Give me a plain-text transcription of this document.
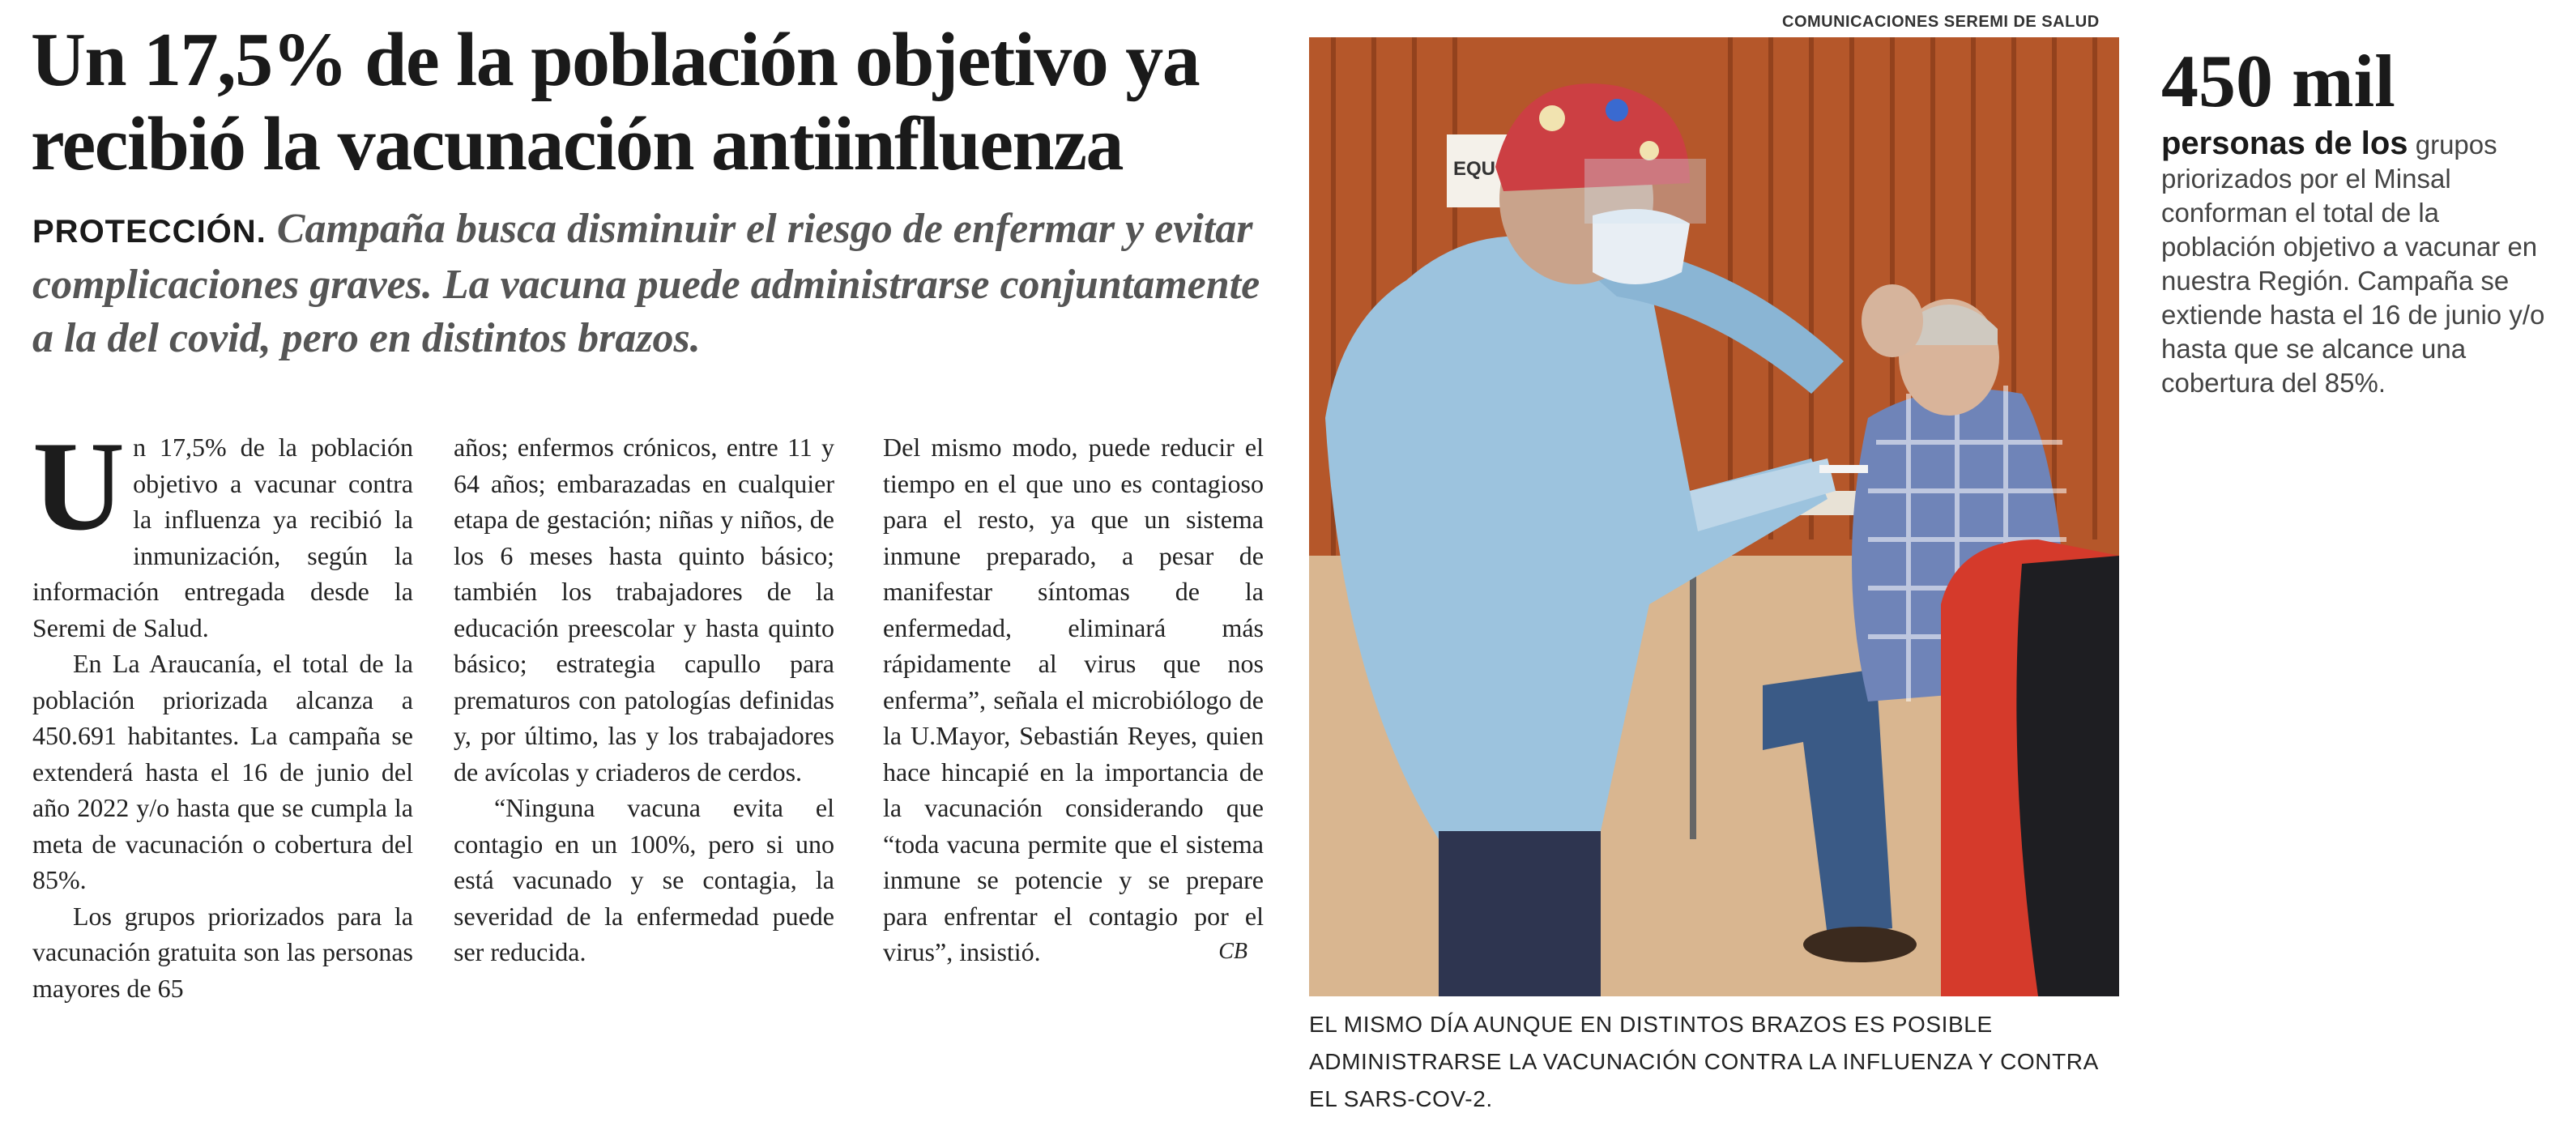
Un 17,5% de la población objetivo ya recibió la vacunación antiinfluenza

PROTECCIÓN. Campaña busca disminuir el riesgo de enfermar y evitar complicaciones graves. La vacuna puede administrarse conjuntamente a la del covid, pero en distintos brazos.

Un 17,5% de la población objetivo a vacunar contra la influenza ya recibió la inmunización, según la información entregada desde la Seremi de Salud.

En La Araucanía, el total de la población priorizada alcanza a 450.691 habitantes. La campaña se extenderá hasta el 16 de junio del año 2022 y/o hasta que se cumpla la meta de vacunación o cobertura del 85%.

Los grupos priorizados para la vacunación gratuita son las personas mayores de 65

años; enfermos crónicos, entre 11 y 64 años; embarazadas en cualquier etapa de gestación; niñas y niños, de los 6 meses hasta quinto básico; también los trabajadores de la educación preescolar y hasta quinto básico; estrategia capullo para prematuros con patologías definidas y, por último, las y los trabajadores de avícolas y criaderos de cerdos.

“Ninguna vacuna evita el contagio en un 100%, pero si uno está vacunado y se contagia, la severidad de la enfermedad puede ser reducida.

Del mismo modo, puede reducir el tiempo en el que uno es contagioso para el resto, ya que un sistema inmune preparado, a pesar de manifestar síntomas de la enfermedad, eliminará más rápidamente al virus que nos enferma”, señala el microbiólogo de la U.Mayor, Sebastián Reyes, quien hace hincapié en la importancia de la vacunación considerando que “toda vacuna permite que el sistema inmune se potencie y se prepare para enfrentar el contagio por el virus”, insistió.	CB

COMUNICACIONES SEREMI DE SALUD
EQU

EL MISMO DÍA AUNQUE EN DISTINTOS BRAZOS ES POSIBLE ADMINISTRARSE LA VACUNACIÓN CONTRA LA INFLUENZA Y CONTRA EL SARS-COV-2.

450 mil

personas de los grupos priorizados por el Minsal conforman el total de la población objetivo a vacunar en nuestra Región. Campaña se extiende hasta el 16 de junio y/o hasta que se alcance una cobertura del 85%.
